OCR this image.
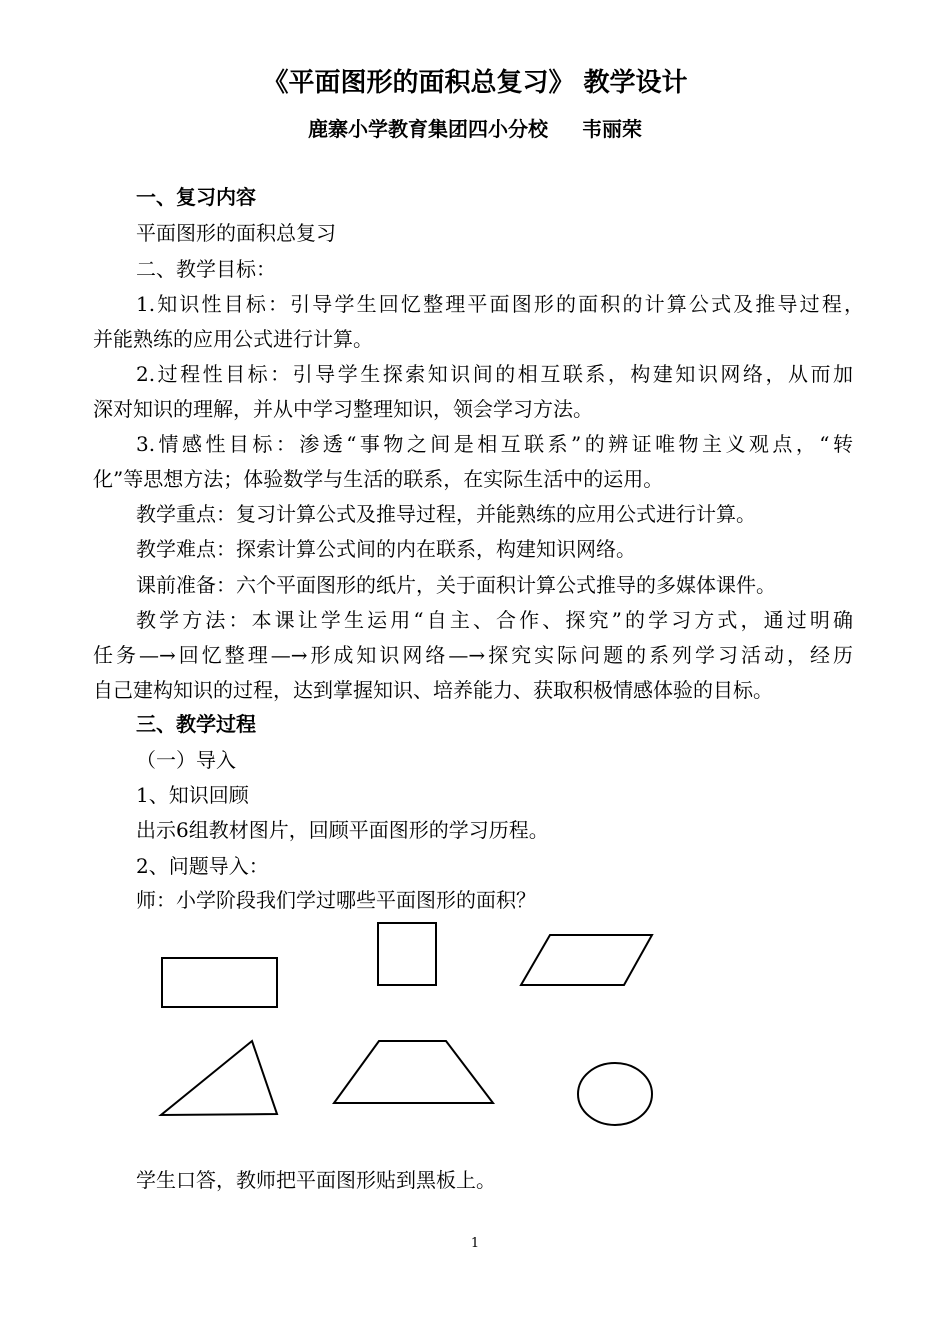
《平面图形的面积总复习》 教学设计
鹿寨小学教育集团四小分校 韦丽荣
一、复习内容
平面图形的面积总复习
二、教学目标：
1.知识性目标：引导学生回忆整理平面图形的面积的计算公式及推导过程，
并能熟练的应用公式进行计算。
2.过程性目标：引导学生探索知识间的相互联系，构建知识网络，从而加
深对知识的理解，并从中学习整理知识，领会学习方法。
3.情感性目标：渗透“事物之间是相互联系”的辨证唯物主义观点，“转
化”等思想方法；体验数学与生活的联系，在实际生活中的运用。
教学重点：复习计算公式及推导过程，并能熟练的应用公式进行计算。
教学难点：探索计算公式间的内在联系，构建知识网络。
课前准备：六个平面图形的纸片，关于面积计算公式推导的多媒体课件。
教学方法：本课让学生运用“自主、合作、探究”的学习方式，通过明确
任务—→回忆整理—→形成知识网络—→探究实际问题的系列学习活动，经历
自己建构知识的过程，达到掌握知识、培养能力、获取积极情感体验的目标。
三、教学过程
（一）导入
1、知识回顾
出示6组教材图片，回顾平面图形的学习历程。
2、问题导入：
师：小学阶段我们学过哪些平面图形的面积？
学生口答，教师把平面图形贴到黑板上。
1
